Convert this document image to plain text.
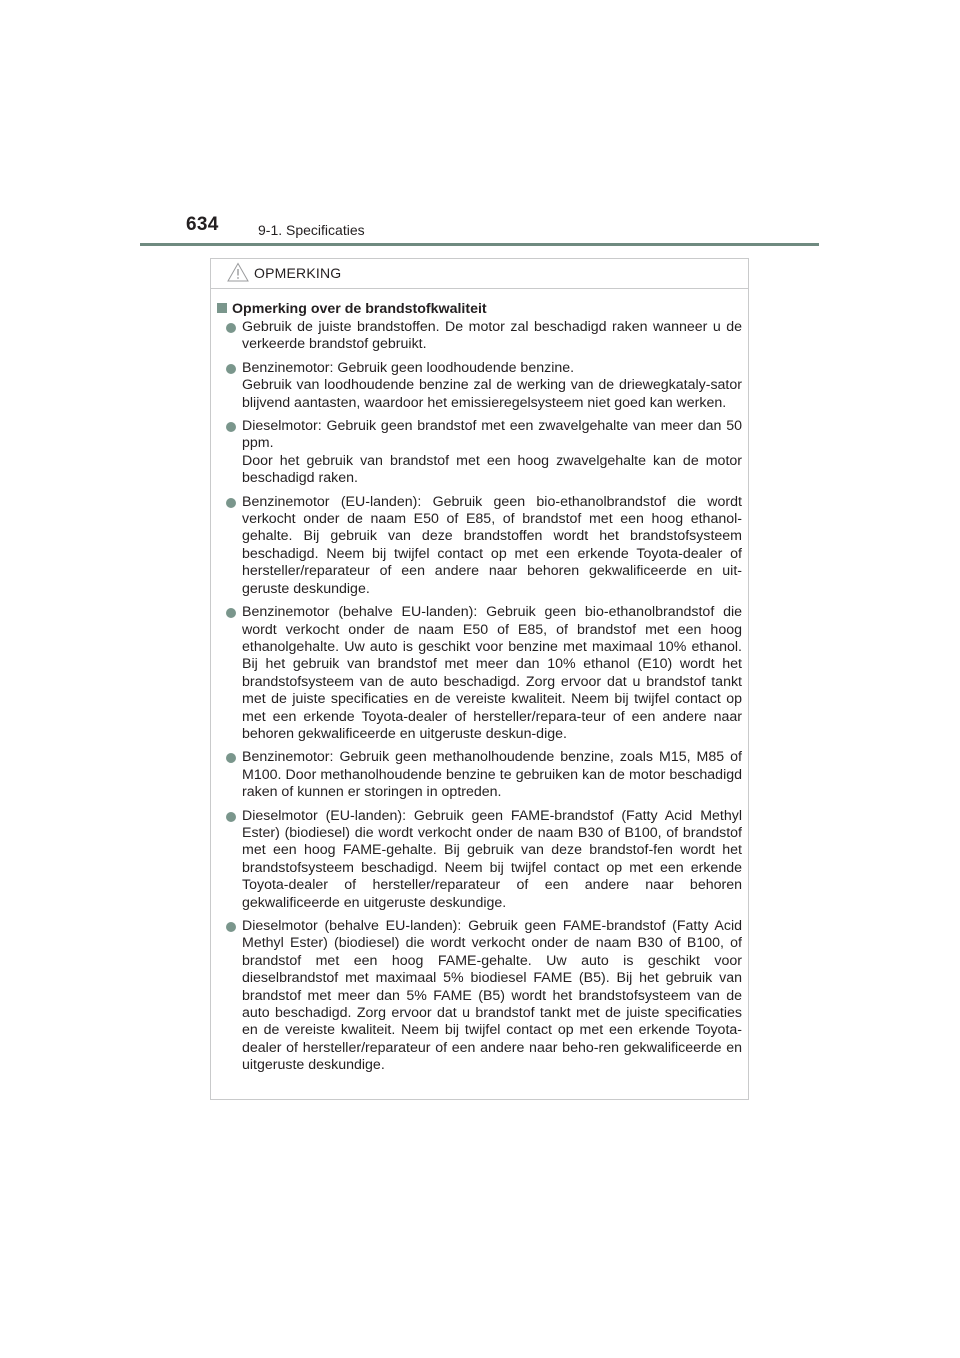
634	9-1. Specificaties
OPMERKING
Opmerking over de brandstofkwaliteit

Gebruik de juiste brandstoffen. De motor zal beschadigd raken wanneer u de verkeerde brandstof gebruikt.

Benzinemotor: Gebruik geen loodhoudende benzine.

Gebruik van loodhoudende benzine zal de werking van de driewegkataly-sator blijvend aantasten, waardoor het emissieregelsysteem niet goed kan werken.

Dieselmotor: Gebruik geen brandstof met een zwavelgehalte van meer dan 50 ppm.

Door het gebruik van brandstof met een hoog zwavelgehalte kan de motor beschadigd raken.

Benzinemotor (EU-landen): Gebruik geen bio-ethanolbrandstof die wordt verkocht onder de naam E50 of E85, of brandstof met een hoog ethanol-gehalte. Bij gebruik van deze brandstoffen wordt het brandstofsysteem beschadigd. Neem bij twijfel contact op met een erkende Toyota-dealer of hersteller/reparateur of een andere naar behoren gekwalificeerde en uit-geruste deskundige.

Benzinemotor (behalve EU-landen): Gebruik geen bio-ethanolbrandstof die wordt verkocht onder de naam E50 of E85, of brandstof met een hoog ethanolgehalte. Uw auto is geschikt voor benzine met maximaal 10% ethanol. Bij het gebruik van brandstof met meer dan 10% ethanol (E10) wordt het brandstofsysteem van de auto beschadigd. Zorg ervoor dat u brandstof tankt met de juiste specificaties en de vereiste kwaliteit. Neem bij twijfel contact op met een erkende Toyota-dealer of hersteller/repara-teur of een andere naar behoren gekwalificeerde en uitgeruste deskun-dige.

Benzinemotor: Gebruik geen methanolhoudende benzine, zoals M15, M85 of M100. Door methanolhoudende benzine te gebruiken kan de motor beschadigd raken of kunnen er storingen in optreden.

Dieselmotor (EU-landen): Gebruik geen FAME-brandstof (Fatty Acid Methyl Ester) (biodiesel) die wordt verkocht onder de naam B30 of B100, of brandstof met een hoog FAME-gehalte. Bij gebruik van deze brandstof-fen wordt het brandstofsysteem beschadigd. Neem bij twijfel contact op met een erkende Toyota-dealer of hersteller/reparateur of een andere naar behoren gekwalificeerde en uitgeruste deskundige.

Dieselmotor (behalve EU-landen): Gebruik geen FAME-brandstof (Fatty Acid Methyl Ester) (biodiesel) die wordt verkocht onder de naam B30 of B100, of brandstof met een hoog FAME-gehalte. Uw auto is geschikt voor dieselbrandstof met maximaal 5% biodiesel FAME (B5). Bij het gebruik van brandstof met meer dan 5% FAME (B5) wordt het brandstofsysteem van de auto beschadigd. Zorg ervoor dat u brandstof tankt met de juiste specificaties en de vereiste kwaliteit. Neem bij twijfel contact op met een erkende Toyota-dealer of hersteller/reparateur of een andere naar beho-ren gekwalificeerde en uitgeruste deskundige.
